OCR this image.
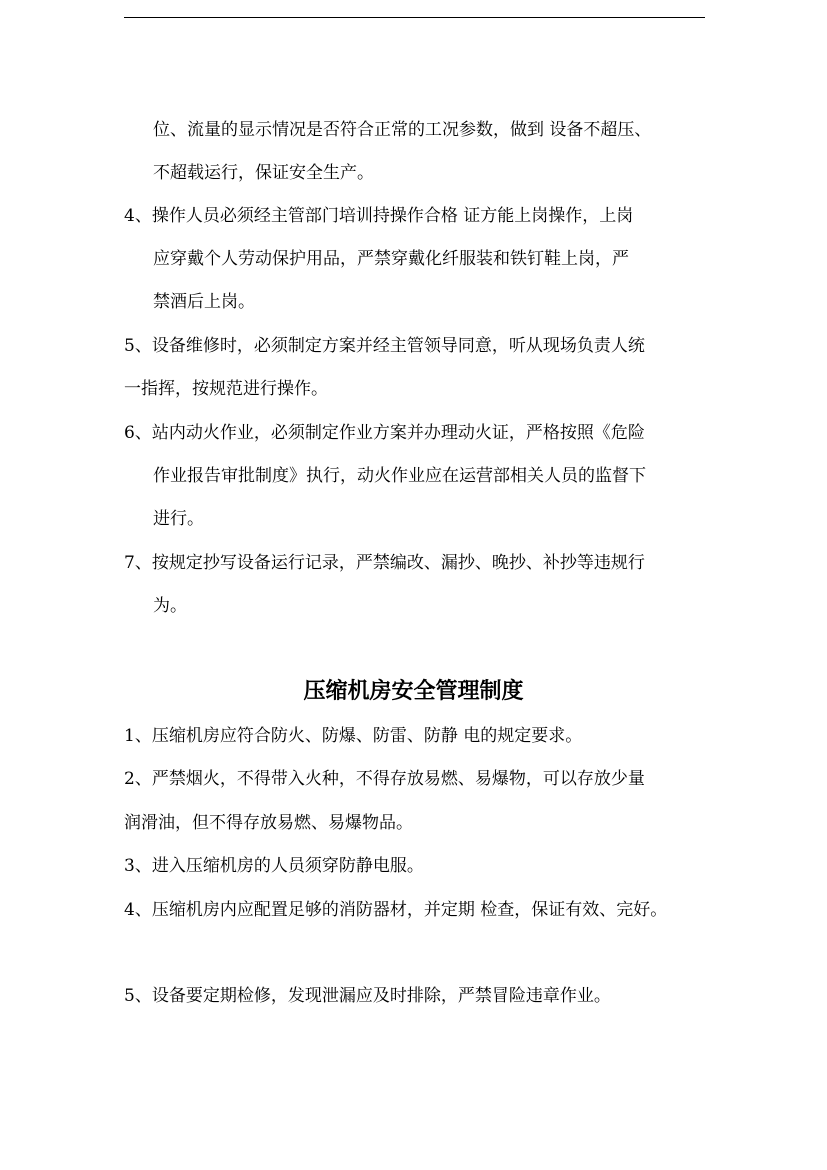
位、流量的显示情况是否符合正常的工况参数，做到 设备不超压、
不超载运行，保证安全生产。
4、操作人员必须经主管部门培训持操作合格 证方能上岗操作，上岗
应穿戴个人劳动保护用品，严禁穿戴化纤服装和铁钉鞋上岗，严
禁酒后上岗。
5、设备维修时，必须制定方案并经主管领导同意，听从现场负责人统
一指挥，按规范进行操作。
6、站内动火作业，必须制定作业方案并办理动火证，严格按照《危险
作业报告审批制度》执行，动火作业应在运营部相关人员的监督下
进行。
7、按规定抄写设备运行记录，严禁编改、漏抄、晚抄、补抄等违规行
为。
压缩机房安全管理制度
1、压缩机房应符合防火、防爆、防雷、防静 电的规定要求。
2、严禁烟火，不得带入火种，不得存放易燃、易爆物，可以存放少量
润滑油，但不得存放易燃、易爆物品。
3、进入压缩机房的人员须穿防静电服。
4、压缩机房内应配置足够的消防器材，并定期 检查，保证有效、完好。
5、设备要定期检修，发现泄漏应及时排除，严禁冒险违章作业。
